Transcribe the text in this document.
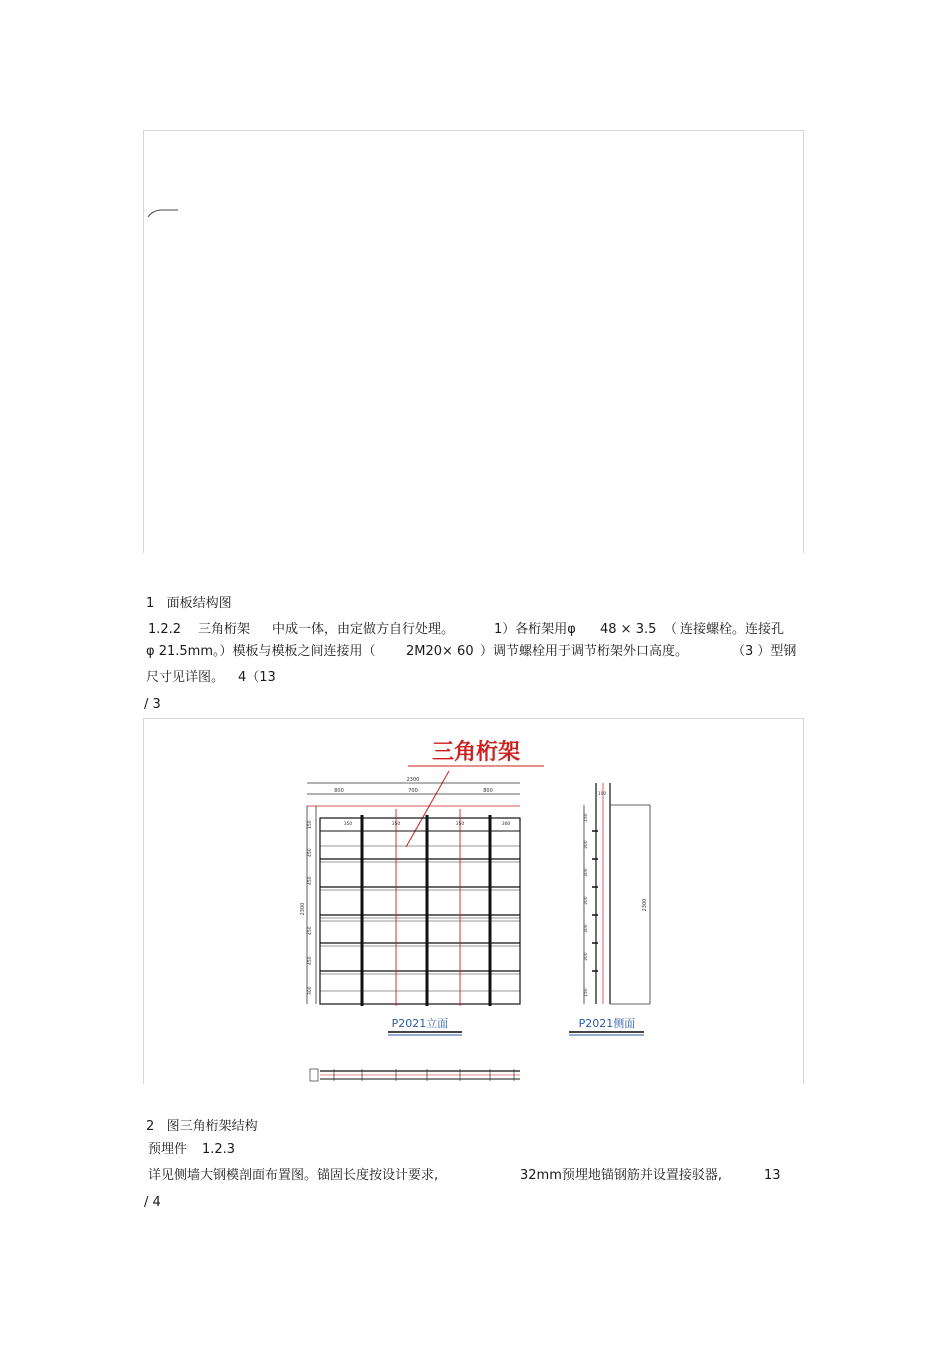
1   面板结构图

1.2.2

三角桁架

中成一体，由定做方自行处理。

	1）各桁架用φ

48 × 3.5

（

连接螺栓。连接孔

φ 21.5mm。）模板与模板之间连接用（

2M20× 60

）调节螺栓用于调节桁架外口高度。

	（3 ）型钢

尺寸见详图。

4（13

/ 3

三角桁架
2300
800	700	800
2300
350	350	350	300
150
450
450
450
450
300
P2021立面
2300
100
150
300
300
300
300
300
150
P2021侧面

2   图三角桁架结构

预埋件

1.2.3

详见侧墙大钢模剖面布置图。锚固长度按设计要求,

	32mm预埋地锚钢筋并设置接驳器,

	13

/ 4
